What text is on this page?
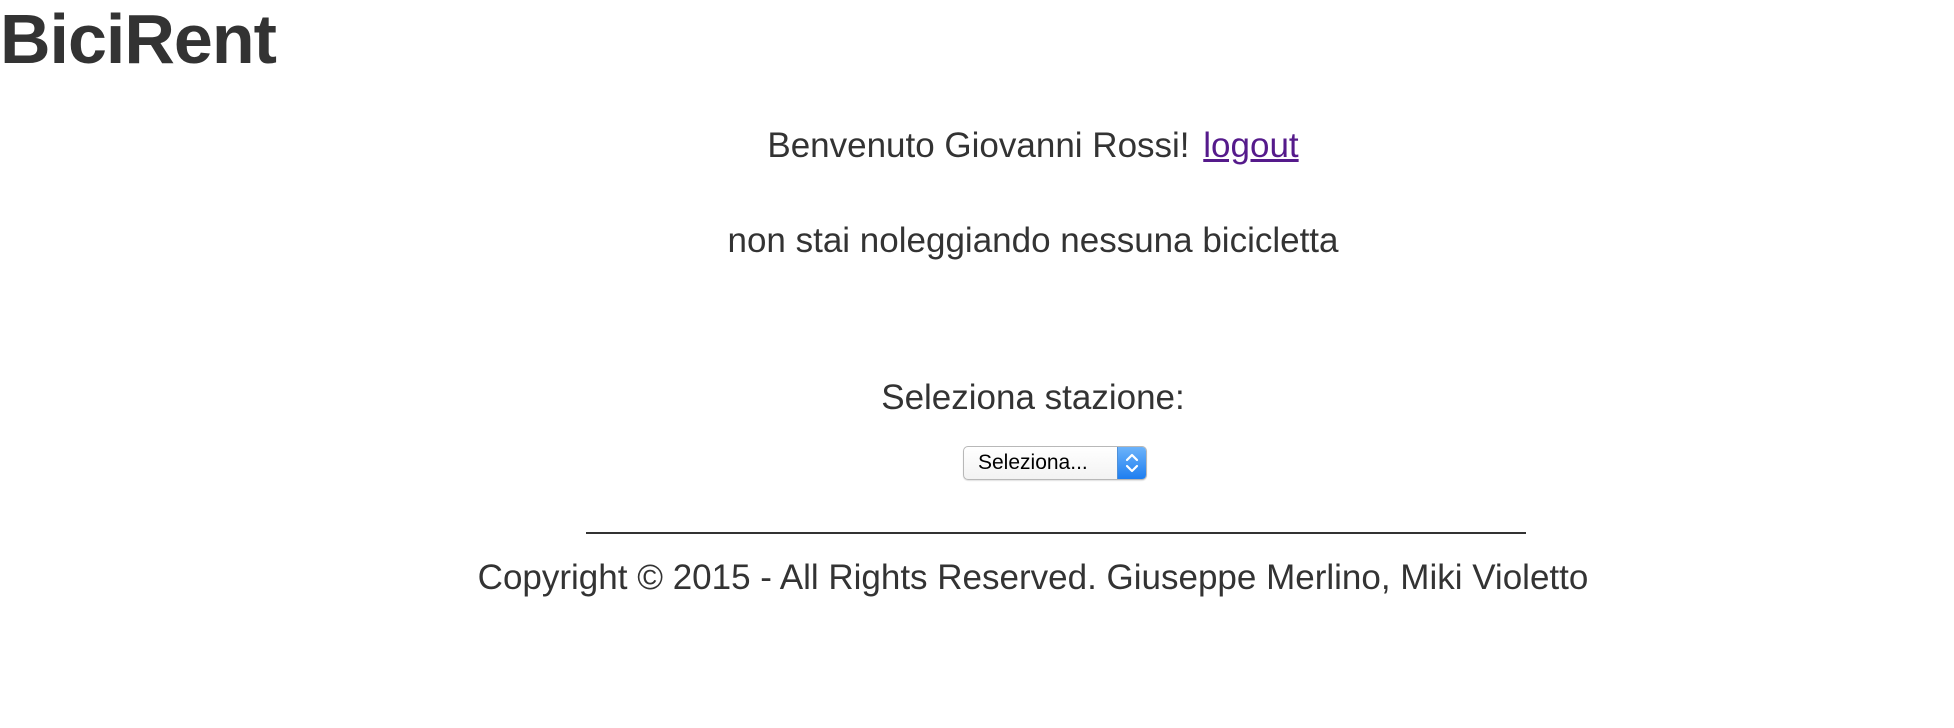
BiciRent

Benvenuto Giovanni Rossi! logout

non stai noleggiando nessuna bicicletta

Seleziona stazione:

Seleziona...

Copyright © 2015 - All Rights Reserved. Giuseppe Merlino, Miki Violetto
